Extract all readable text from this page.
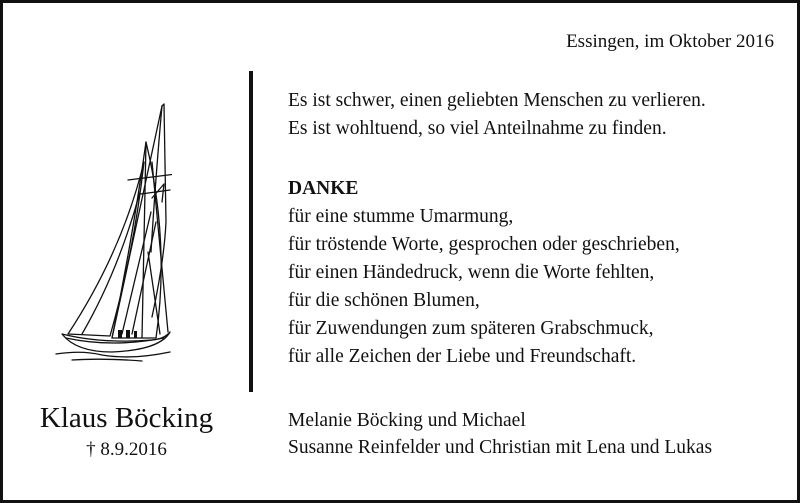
Essingen, im Oktober 2016
Klaus Böcking
† 8.9.2016
Es ist schwer, einen geliebten Menschen zu verlieren.
Es ist wohltuend, so viel Anteilnahme zu finden.
DANKE
für eine stumme Umarmung,
für tröstende Worte, gesprochen oder geschrieben,
für einen Händedruck, wenn die Worte fehlten,
für die schönen Blumen,
für Zuwendungen zum späteren Grabschmuck,
für alle Zeichen der Liebe und Freundschaft.
Melanie Böcking und Michael
Susanne Reinfelder und Christian mit Lena und Lukas
